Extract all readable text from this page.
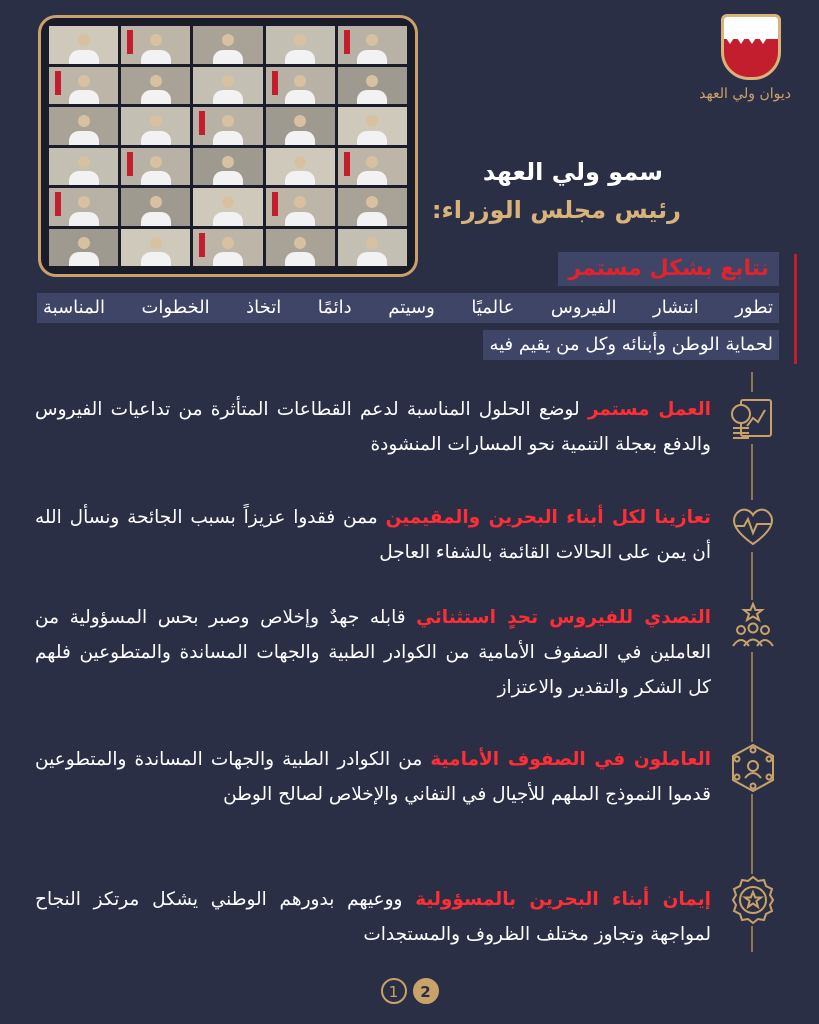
ديوان ولي العهد
سمو ولي العهد
رئيس مجلس الوزراء:
نتابع بشكل مستمر
تطور انتشار الفيروس عالميًا وسيتم دائمًا اتخاذ الخطوات المناسبة
لحماية الوطن وأبنائه وكل من يقيم فيه

العمل مستمر لوضع الحلول المناسبة لدعم القطاعات المتأثرة من تداعيات الفيروس والدفع بعجلة التنمية نحو المسارات المنشودة

تعازينا لكل أبناء البحرين والمقيمين ممن فقدوا عزيزاً بسبب الجائحة ونسأل الله أن يمن على الحالات القائمة بالشفاء العاجل

التصدي للفيروس تحدٍ استثنائي قابله جهدٌ وإخلاص وصبر بحس المسؤولية من العاملين في الصفوف الأمامية من الكوادر الطبية والجهات المساندة والمتطوعين فلهم كل الشكر والتقدير والاعتزاز

العاملون في الصفوف الأمامية من الكوادر الطبية والجهات المساندة والمتطوعين قدموا النموذج الملهم للأجيال في التفاني والإخلاص لصالح الوطن

إيمان أبناء البحرين بالمسؤولية ووعيهم بدورهم الوطني يشكل مرتكز النجاح لمواجهة وتجاوز مختلف الظروف والمستجدات

1	2
